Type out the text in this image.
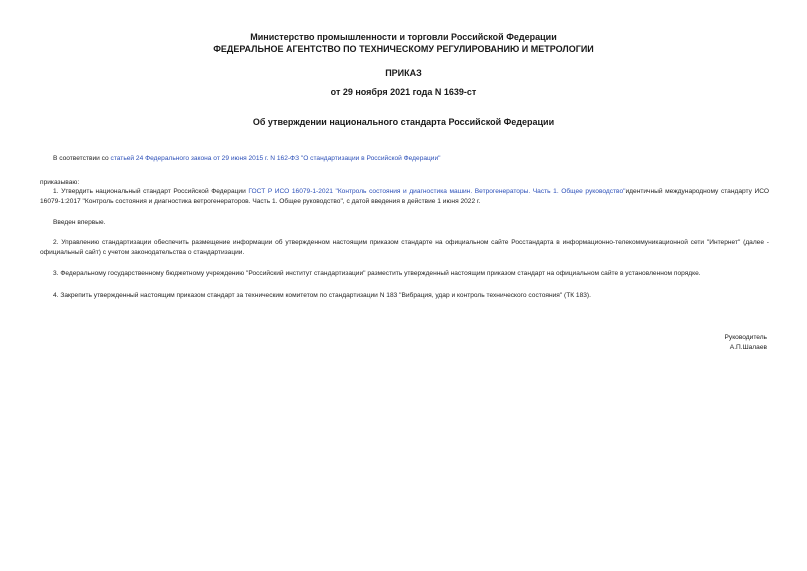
Министерство промышленности и торговли Российской Федерации
ФЕДЕРАЛЬНОЕ АГЕНТСТВО ПО ТЕХНИЧЕСКОМУ РЕГУЛИРОВАНИЮ И МЕТРОЛОГИИ
ПРИКАЗ
от 29 ноября 2021 года N 1639-ст
Об утверждении национального стандарта Российской Федерации
В соответствии со статьей 24 Федерального закона от 29 июня 2015 г. N 162-ФЗ "О стандартизации в Российской Федерации"
приказываю:
1. Утвердить национальный стандарт Российской Федерации ГОСТ Р ИСО 16079-1-2021 "Контроль состояния и диагностика машин. Ветрогенераторы. Часть 1. Общее руководство"идентичный международному стандарту ИСО 16079-1:2017 "Контроль состояния и диагностика ветрогенераторов. Часть 1. Общее руководство", с датой введения в действие 1 июня 2022 г.
Введен впервые.
2. Управлению стандартизации обеспечить размещение информации об утвержденном настоящим приказом стандарте на официальном сайте Росстандарта в информационно-телекоммуникационной сети "Интернет" (далее - официальный сайт) с учетом законодательства о стандартизации.
3. Федеральному государственному бюджетному учреждению "Российский институт стандартизации" разместить утвержденный настоящим приказом стандарт на официальном сайте в установленном порядке.
4. Закрепить утвержденный настоящим приказом стандарт за техническим комитетом по стандартизации N 183 "Вибрация, удар и контроль технического состояния" (ТК 183).
Руководитель
А.П.Шалаев
